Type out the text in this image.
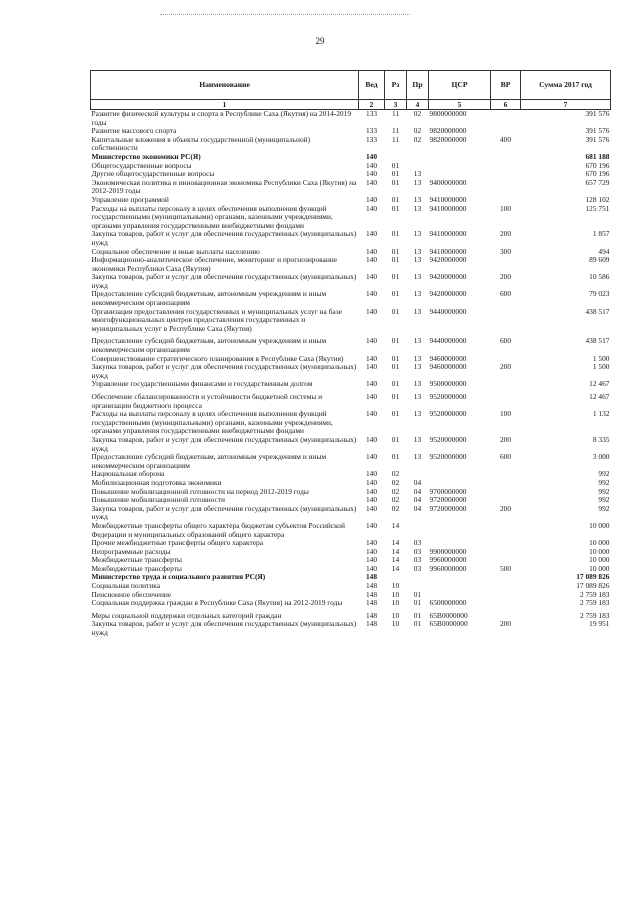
29
Наименование	Вед	Рз	Пр	ЦСР	ВР	Сумма 2017 год
1	2	3	4	5	6	7
Развитие физической культуры и спорта в Республике Саха (Якутия) на 2014-2019 годы	133	11	02	9800000000		391 576
Развитие массового спорта	133	11	02	9820000000		391 576
Капитальные вложения в объекты государственной (муниципальной) собственности	133	11	02	9820000000	400	391 576
Министерство экономики РС(Я)	140					681 188
Общегосударственные вопросы	140	01				670 196
Другие общегосударственные вопросы	140	01	13			670 196
Экономическая политика и инновационная экономика Республики Саха (Якутия) на 2012-2019 годы	140	01	13	9400000000		657 729
Управление программой	140	01	13	9410000000		128 102
Расходы на выплаты персоналу в целях обеспечения выполнения функций государственными (муниципальными) органами, казенными учреждениями, органами управления государственными внебюджетными фондами	140	01	13	9410000000	100	125 751
Закупка товаров, работ и услуг для обеспечения государственных (муниципальных) нужд	140	01	13	9410000000	200	1 857
Социальное обеспечение и иные выплаты населению	140	01	13	9410000000	300	494
Информационно-аналитическое обеспечение, мониторинг и прогнозирование экономики Республики Саха (Якутия)	140	01	13	9420000000		89 609
Закупка товаров, работ и услуг для обеспечения государственных (муниципальных) нужд	140	01	13	9420000000	200	10 586
Предоставление субсидий бюджетным, автономным учреждениям и иным некоммерческим организациям	140	01	13	9420000000	600	79 023
Организация предоставления государственных и муниципальных услуг на базе многофункциональных центров предоставления государственных и муниципальных услуг в Республике Саха (Якутия)	140	01	13	9440000000		438 517
Предоставление субсидий бюджетным, автономным учреждениям и иным некоммерческим организациям	140	01	13	9440000000	600	438 517
Совершенствование стратегического планирования в Республике Саха (Якутия)	140	01	13	9460000000		1 500
Закупка товаров, работ и услуг для обеспечения государственных (муниципальных) нужд	140	01	13	9460000000	200	1 500
Управление государственными финансами и государственным долгом	140	01	13	9500000000		12 467
Обеспечение сбалансированности и устойчивости бюджетной системы и организации бюджетного процесса	140	01	13	9520000000		12 467
Расходы на выплаты персоналу в целях обеспечения выполнения функций государственными (муниципальными) органами, казенными учреждениями, органами управления государственными внебюджетными фондами	140	01	13	9520000000	100	1 132
Закупка товаров, работ и услуг для обеспечения государственных (муниципальных) нужд	140	01	13	9520000000	200	8 335
Предоставление субсидий бюджетным, автономным учреждениям и иным некоммерческим организациям	140	01	13	9520000000	600	3 000
Национальная оборона	140	02				992
Мобилизационная подготовка экономики	140	02	04			992
Повышение мобилизационной готовности на период 2012-2019 годы	140	02	04	9700000000		992
Повышение мобилизационной готовности	140	02	04	9720000000		992
Закупка товаров, работ и услуг для обеспечения государственных (муниципальных) нужд	140	02	04	9720000000	200	992
Межбюджетные трансферты общего характера бюджетам субъектов Российской Федерации и муниципальных образований общего характера	140	14				10 000
Прочие межбюджетные трансферты общего характера	140	14	03			10 000
Непрограммные расходы	140	14	03	9900000000		10 000
Межбюджетные трансферты	140	14	03	9960000000		10 000
Межбюджетные трансферты	140	14	03	9960000000	500	10 000
Министерство труда и социального развития РС(Я)	148					17 089 826
Социальная политика	148	10				17 089 826
Пенсионное обеспечение	148	10	01			2 759 183
Социальная поддержка граждан в Республике Саха (Якутия) на 2012-2019 годы	148	10	01	6500000000		2 759 183
Меры социальной поддержки отдельных категорий граждан	148	10	01	65В0000000		2 759 183
Закупка товаров, работ и услуг для обеспечения государственных (муниципальных) нужд	148	10	01	65В0000000	200	19 951
